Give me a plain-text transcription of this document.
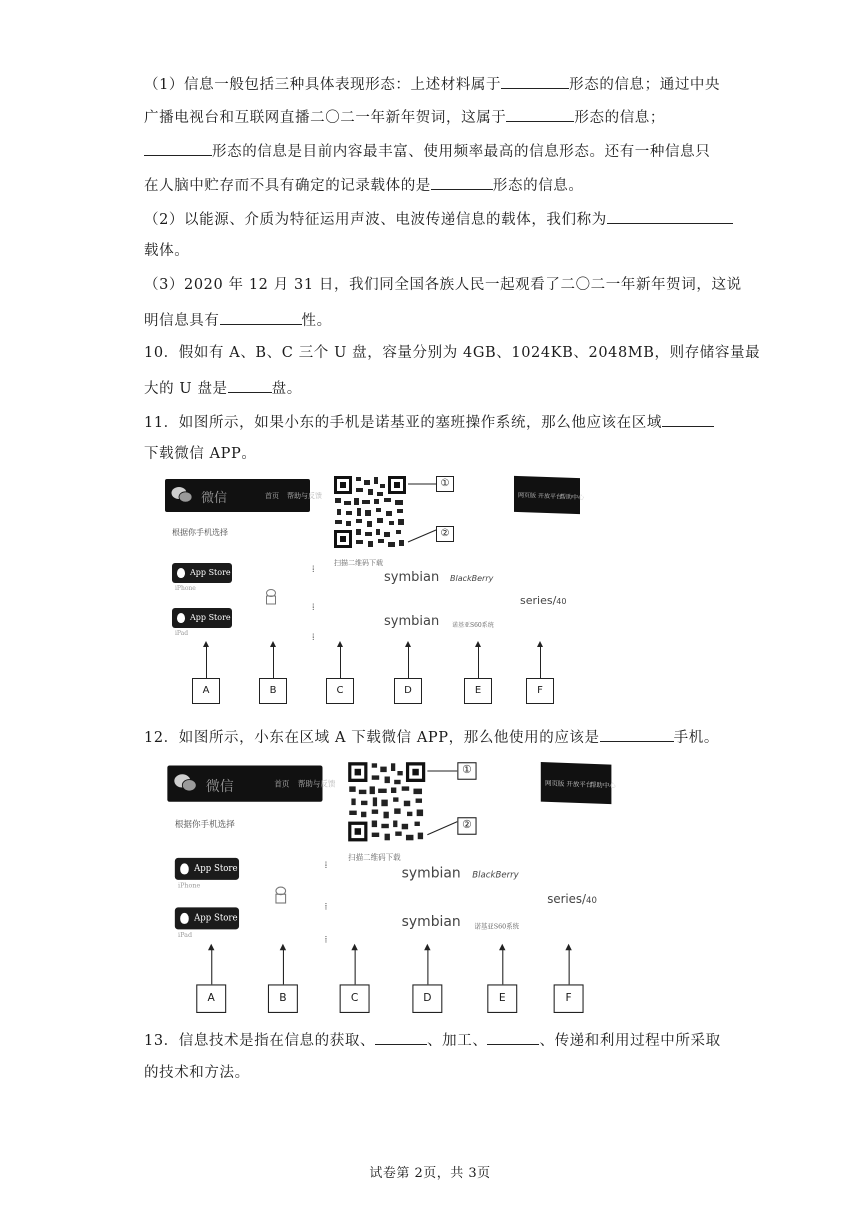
（1）信息一般包括三种具体表现形态：上述材料属于	形态的信息；通过中央
广播电视台和互联网直播二〇二一年新年贺词，这属于	形态的信息；
形态的信息是目前内容最丰富、使用频率最高的信息形态。还有一种信息只
在人脑中贮存而不具有确定的记录载体的是	形态的信息。
（2）以能源、介质为特征运用声波、电波传递信息的载体，我们称为
载体。
（3）2020 年 12 月 31 日，我们同全国各族人民一起观看了二〇二一年新年贺词，这说
明信息具有	性。
10．假如有 A、B、C 三个 U 盘，容量分别为 4GB、1024KB、2048MB，则存储容量最
大的 U 盘是	盘。
11．如图所示，如果小东的手机是诺基亚的塞班操作系统，那么他应该在区域
下载微信 APP。
微信	首页 帮助与反馈
①
②
扫描二维码下载
网页版 开放平台
帮助中心
根据你手机选择
App Store
iPhone
App Store
iPad
⁞
⁞
⁞
symbian BlackBerry
series/40
symbian 诺基亚S60系统
A	B	C	D	E	F
12．如图所示，小东在区域 A 下载微信 APP，那么他使用的应该是	手机。
微信	首页 帮助与反馈
①
②
扫描二维码下载
网页版 开放平台
帮助中心
根据你手机选择
App Store
iPhone
App Store
iPad
⁞
⁞
⁞
symbian BlackBerry
series/40
symbian 诺基亚S60系统
A	B	C	D	E	F
13．信息技术是指在信息的获取、	、加工、	、传递和利用过程中所采取
的技术和方法。
试卷第 2页，共 3页
